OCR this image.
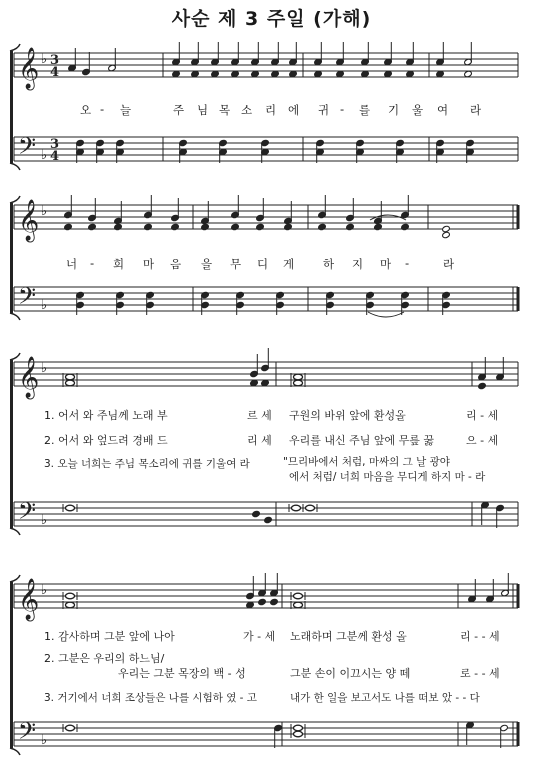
사순 제 3 주일 (가해)
𝄞
𝄢
♭
♭
3
4
3
4
𝄞
𝄢
♭
♭
𝄞
𝄢
♭
♭
𝄞
𝄢
♭
♭
오 - 늘	주 님 목 소 리 에 귀 - 를 기 울 여 라
너 - 희 마 음 을 무 디 게 하 지 마 -	라
1. 어서 와 주님께 노래 부	르 세 구원의 바위 앞에 환성올	리 - 세
2. 어서 와 엎드려 경배 드	리 세 우리를 내신 주님 앞에 무릎 꿇	으 - 세
3. 오늘 너희는 주님 목소리에 귀를 기울여 라	"므리바에서 처럼, 마싸의 그 날 광야
에서 처럼/ 너희 마음을 무디게 하지 마 - 라
1. 감사하며 그분 앞에 나아	가 - 세 노래하며 그분께 환성 올	리 - - 세
2. 그분은 우리의 하느님/
우리는 그분 목장의 백 - 성	그분 손이 이끄시는 양 떼	로 - - 세
3. 거기에서 너희 조상들은 나를 시험하 였 - 고	내가 한 일을 보고서도 나를 떠보 았 - - 다
